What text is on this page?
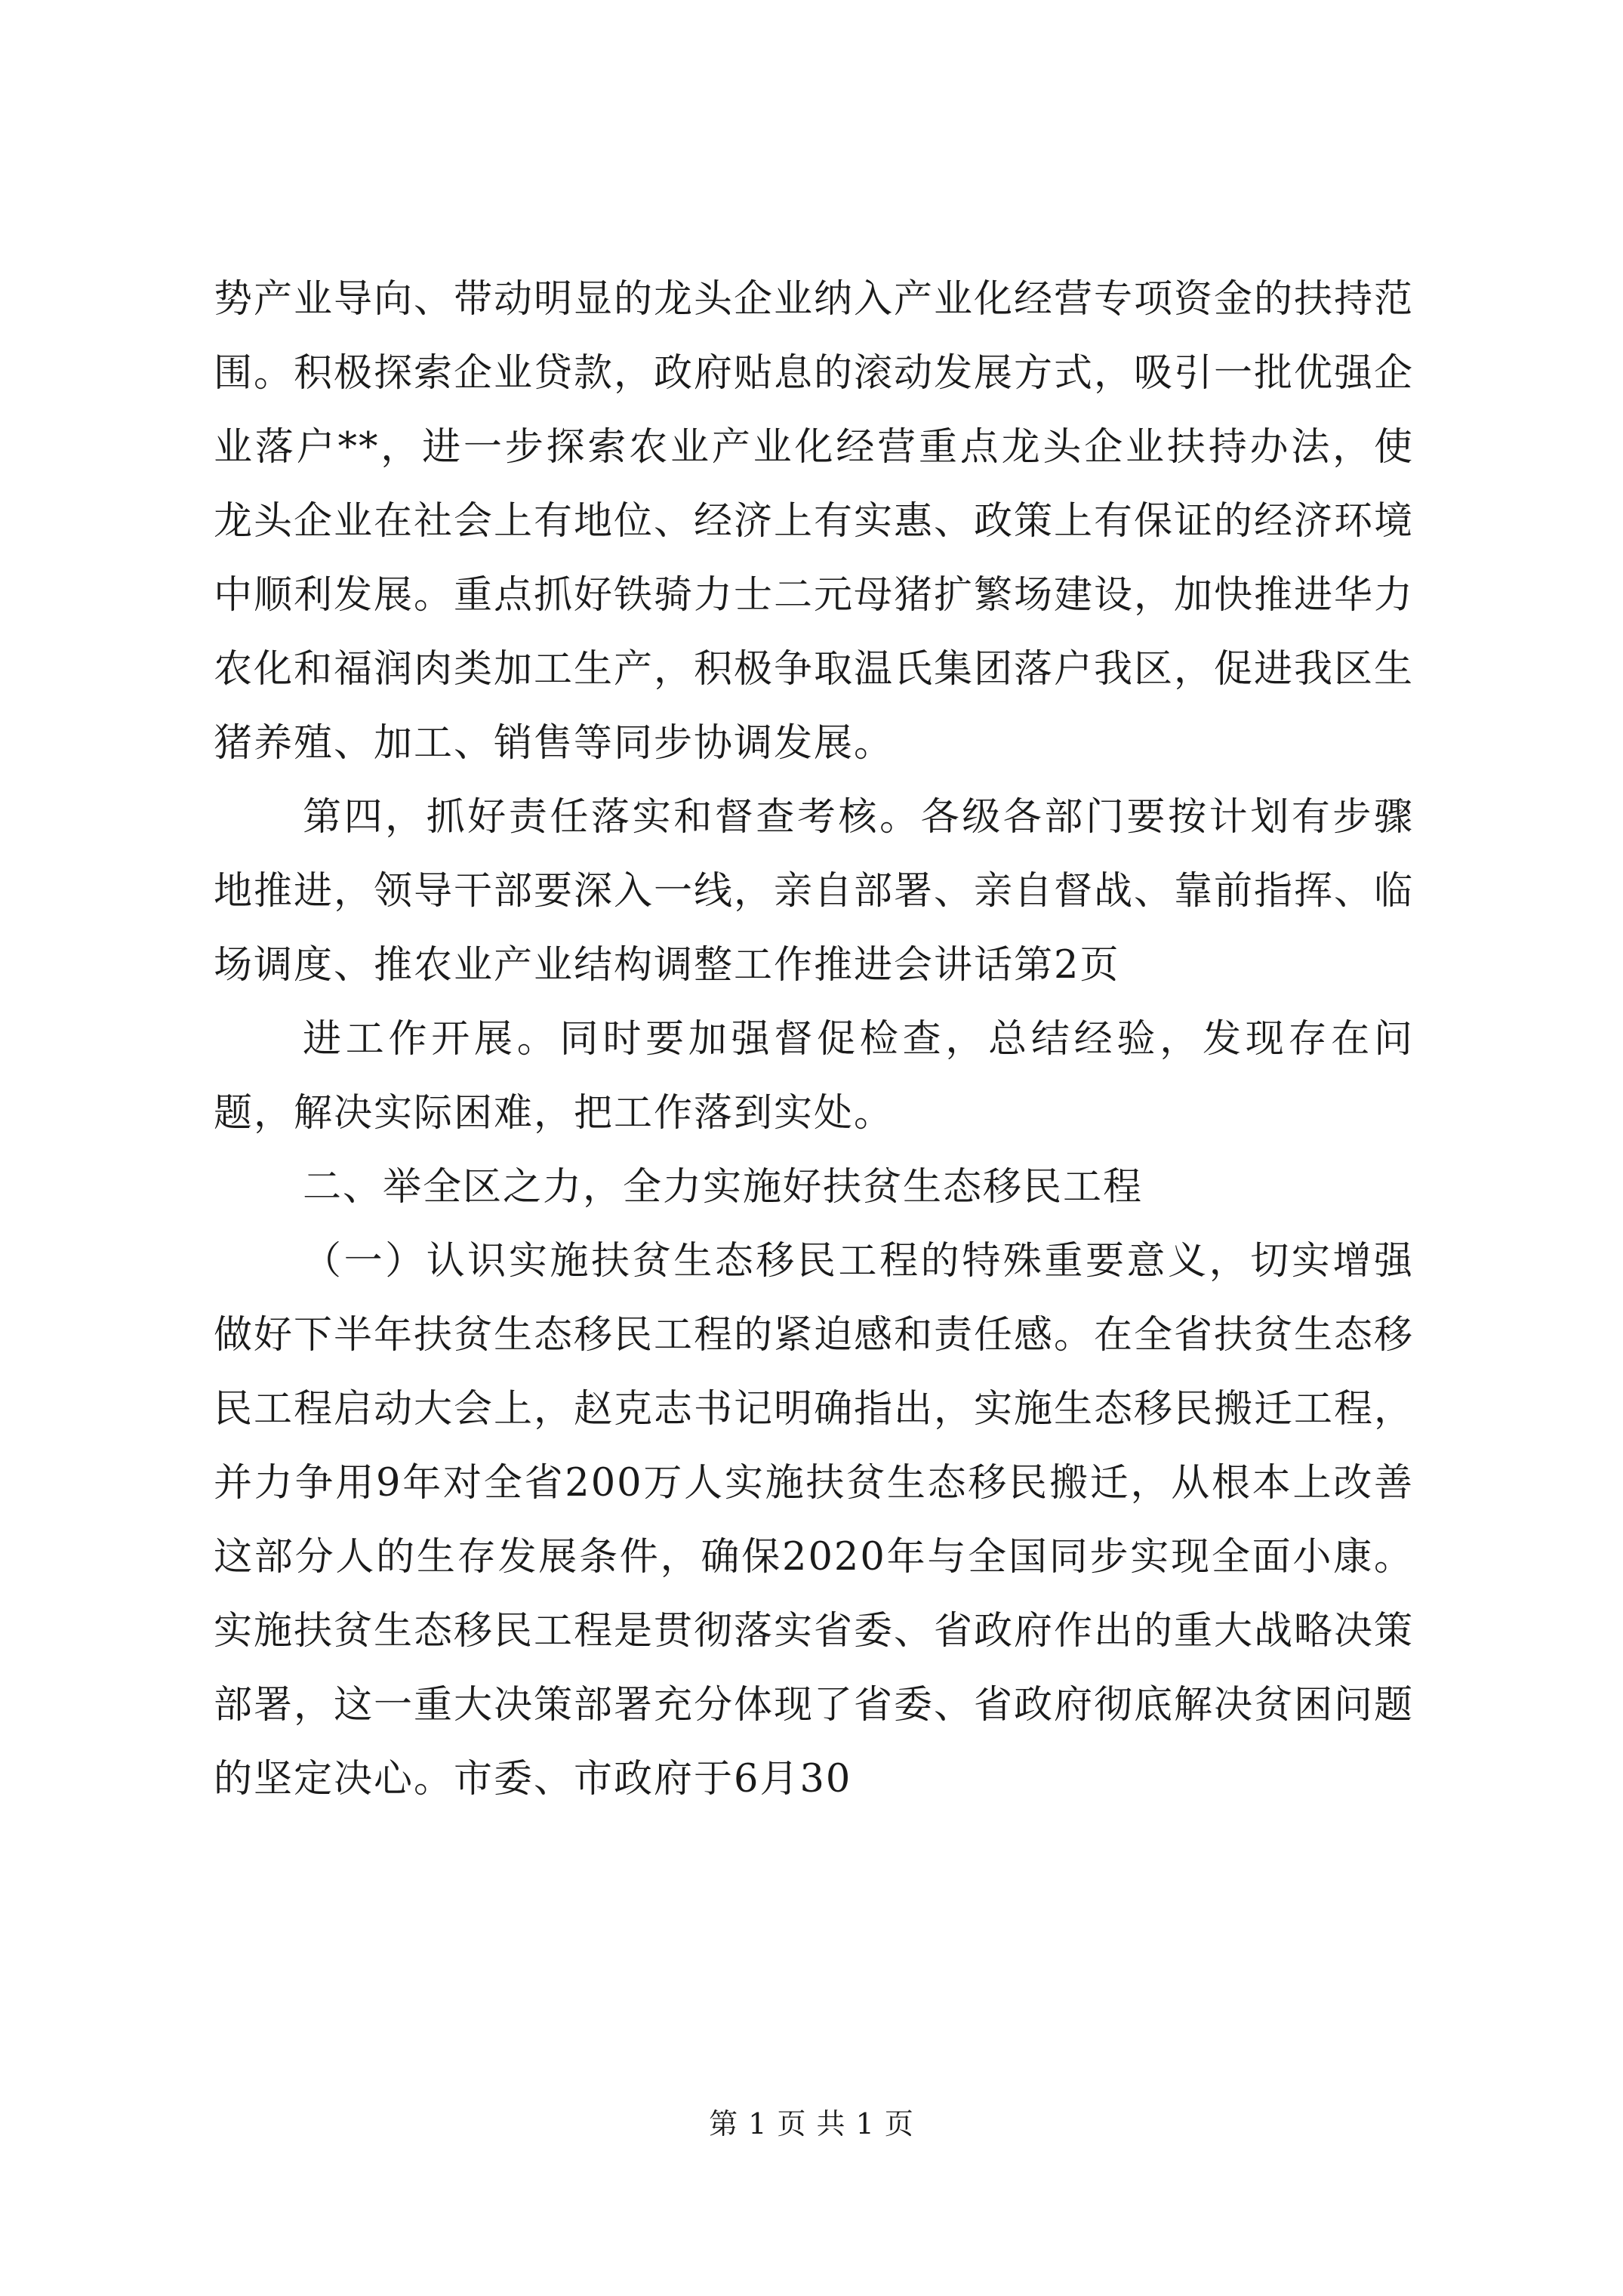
势产业导向、带动明显的龙头企业纳入产业化经营专项资金的扶持范围。积极探索企业贷款，政府贴息的滚动发展方式，吸引一批优强企业落户**，进一步探索农业产业化经营重点龙头企业扶持办法，使龙头企业在社会上有地位、经济上有实惠、政策上有保证的经济环境中顺利发展。重点抓好铁骑力士二元母猪扩繁场建设，加快推进华力农化和福润肉类加工生产，积极争取温氏集团落户我区，促进我区生猪养殖、加工、销售等同步协调发展。

第四，抓好责任落实和督查考核。各级各部门要按计划有步骤地推进，领导干部要深入一线，亲自部署、亲自督战、靠前指挥、临场调度、推农业产业结构调整工作推进会讲话第2页

进工作开展。同时要加强督促检查，总结经验，发现存在问题，解决实际困难，把工作落到实处。

二、举全区之力，全力实施好扶贫生态移民工程

（一）认识实施扶贫生态移民工程的特殊重要意义，切实增强做好下半年扶贫生态移民工程的紧迫感和责任感。在全省扶贫生态移民工程启动大会上，赵克志书记明确指出，实施生态移民搬迁工程，并力争用9年对全省200万人实施扶贫生态移民搬迁，从根本上改善这部分人的生存发展条件，确保2020年与全国同步实现全面小康。实施扶贫生态移民工程是贯彻落实省委、省政府作出的重大战略决策部署，这一重大决策部署充分体现了省委、省政府彻底解决贫困问题的坚定决心。市委、市政府于6月30

第 1 页 共 1 页
